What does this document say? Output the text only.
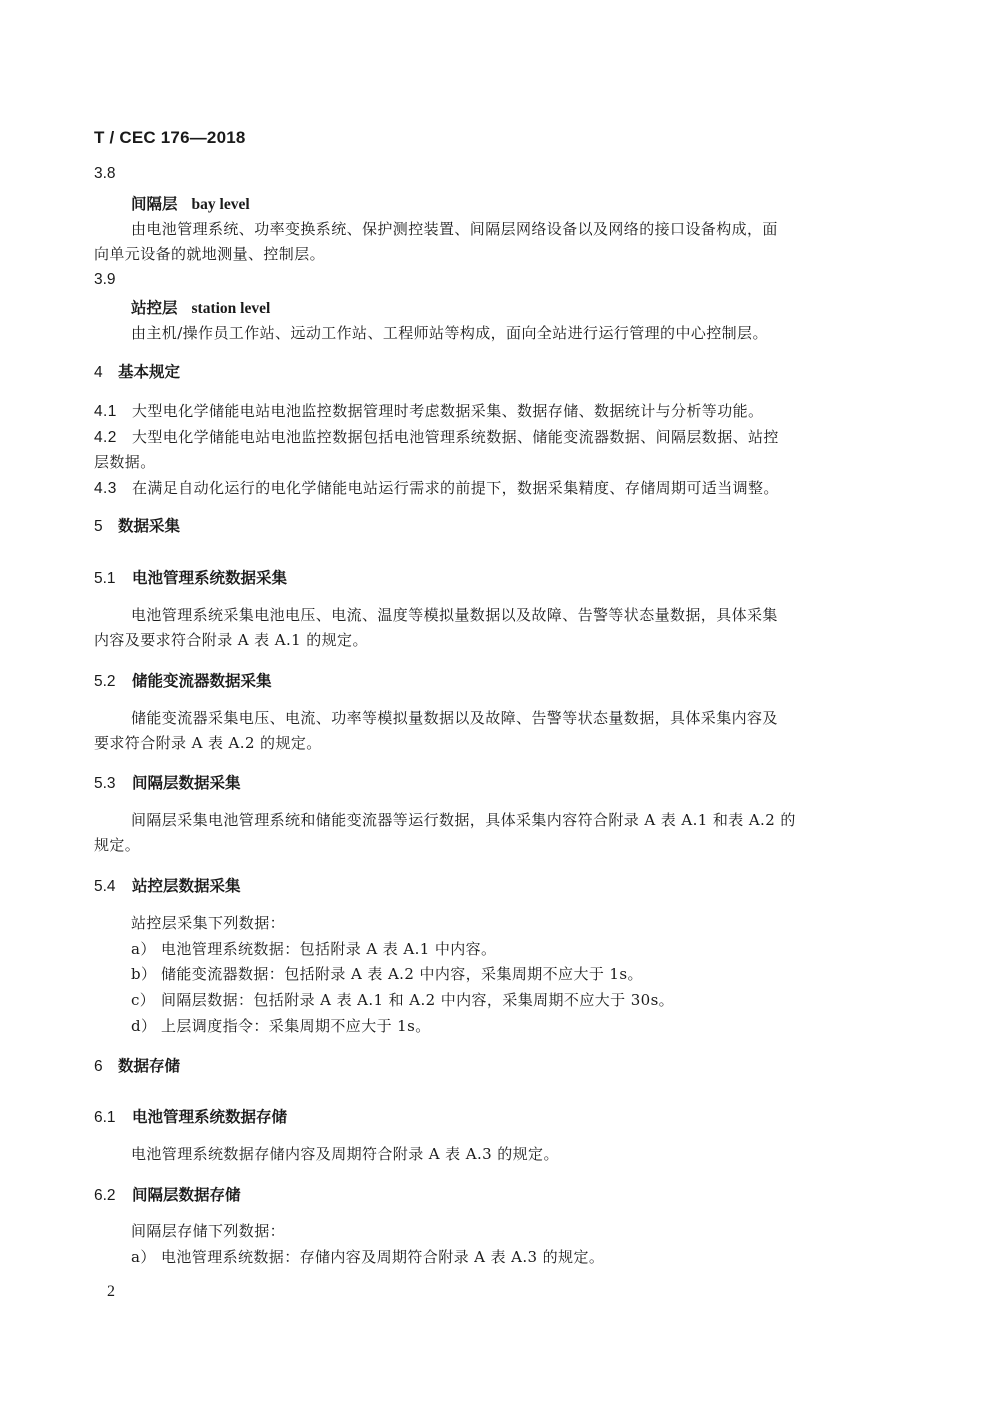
T / CEC 176—2018
3.8
间隔层 bay level
由电池管理系统、功率变换系统、保护测控装置、间隔层网络设备以及网络的接口设备构成，面
向单元设备的就地测量、控制层。
3.9
站控层 station level
由主机/操作员工作站、远动工作站、工程师站等构成，面向全站进行运行管理的中心控制层。
4 基本规定
4.1 大型电化学储能电站电池监控数据管理时考虑数据采集、数据存储、数据统计与分析等功能。
4.2 大型电化学储能电站电池监控数据包括电池管理系统数据、储能变流器数据、间隔层数据、站控
层数据。
4.3 在满足自动化运行的电化学储能电站运行需求的前提下，数据采集精度、存储周期可适当调整。
5 数据采集
5.1 电池管理系统数据采集
电池管理系统采集电池电压、电流、温度等模拟量数据以及故障、告警等状态量数据，具体采集
内容及要求符合附录 A 表 A.1 的规定。
5.2 储能变流器数据采集
储能变流器采集电压、电流、功率等模拟量数据以及故障、告警等状态量数据，具体采集内容及
要求符合附录 A 表 A.2 的规定。
5.3 间隔层数据采集
间隔层采集电池管理系统和储能变流器等运行数据，具体采集内容符合附录 A 表 A.1 和表 A.2 的
规定。
5.4 站控层数据采集
站控层采集下列数据：
a） 电池管理系统数据：包括附录 A 表 A.1 中内容。
b） 储能变流器数据：包括附录 A 表 A.2 中内容，采集周期不应大于 1s。
c） 间隔层数据：包括附录 A 表 A.1 和 A.2 中内容，采集周期不应大于 30s。
d） 上层调度指令：采集周期不应大于 1s。
6 数据存储
6.1 电池管理系统数据存储
电池管理系统数据存储内容及周期符合附录 A 表 A.3 的规定。
6.2 间隔层数据存储
间隔层存储下列数据：
a） 电池管理系统数据：存储内容及周期符合附录 A 表 A.3 的规定。
2
